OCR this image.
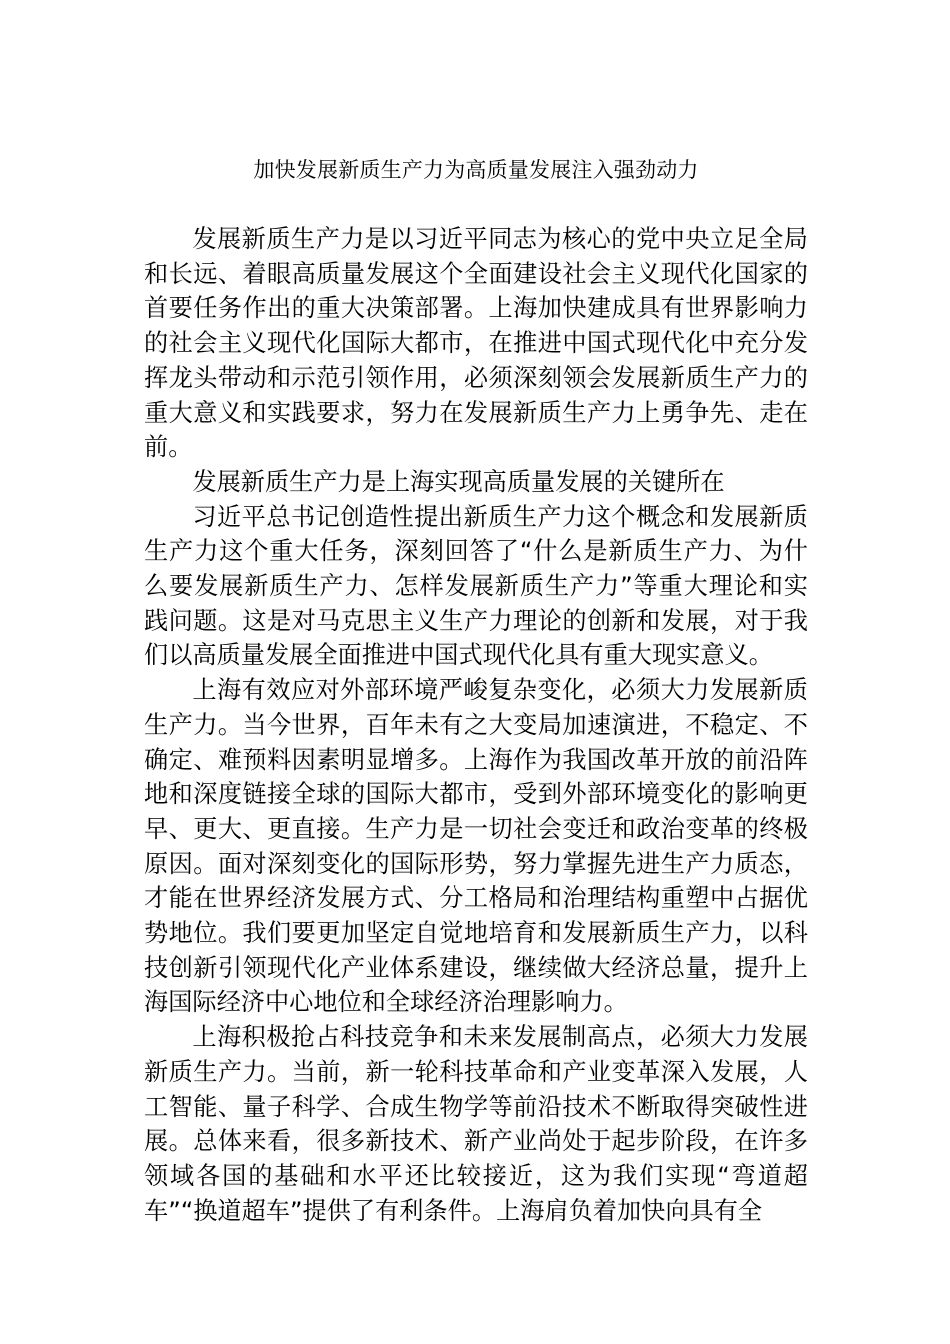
加快发展新质生产力为高质量发展注入强劲动力

发展新质生产力是以习近平同志为核心的党中央立足全局和长远、着眼高质量发展这个全面建设社会主义现代化国家的首要任务作出的重大决策部署。上海加快建成具有世界影响力的社会主义现代化国际大都市，在推进中国式现代化中充分发挥龙头带动和示范引领作用，必须深刻领会发展新质生产力的重大意义和实践要求，努力在发展新质生产力上勇争先、走在前。

发展新质生产力是上海实现高质量发展的关键所在

习近平总书记创造性提出新质生产力这个概念和发展新质生产力这个重大任务，深刻回答了“什么是新质生产力、为什么要发展新质生产力、怎样发展新质生产力”等重大理论和实践问题。这是对马克思主义生产力理论的创新和发展，对于我们以高质量发展全面推进中国式现代化具有重大现实意义。

上海有效应对外部环境严峻复杂变化，必须大力发展新质生产力。当今世界，百年未有之大变局加速演进，不稳定、不确定、难预料因素明显增多。上海作为我国改革开放的前沿阵地和深度链接全球的国际大都市，受到外部环境变化的影响更早、更大、更直接。生产力是一切社会变迁和政治变革的终极原因。面对深刻变化的国际形势，努力掌握先进生产力质态，才能在世界经济发展方式、分工格局和治理结构重塑中占据优势地位。我们要更加坚定自觉地培育和发展新质生产力，以科技创新引领现代化产业体系建设，继续做大经济总量，提升上海国际经济中心地位和全球经济治理影响力。

上海积极抢占科技竞争和未来发展制高点，必须大力发展新质生产力。当前，新一轮科技革命和产业变革深入发展，人工智能、量子科学、合成生物学等前沿技术不断取得突破性进展。总体来看，很多新技术、新产业尚处于起步阶段，在许多领域各国的基础和水平还比较接近，这为我们实现“弯道超车”“换道超车”提供了有利条件。上海肩负着加快向具有全
